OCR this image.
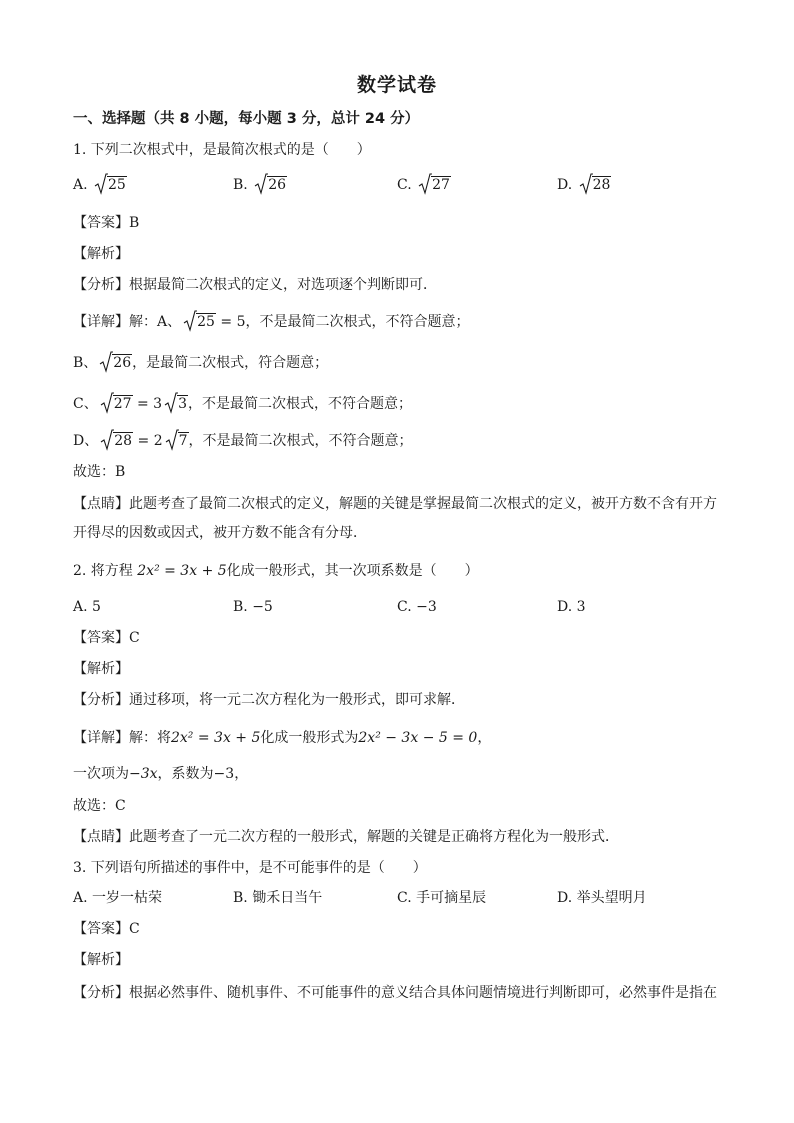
数学试卷
一、选择题（共 8 小题，每小题 3 分，总计 24 分）
1. 下列二次根式中，是最简次根式的是（　　）
A. 25	B. 26	C. 27	D. 28
【答案】B
【解析】
【分析】根据最简二次根式的定义，对选项逐个判断即可．
【详解】解：A、 25 = 5，不是最简二次根式，不符合题意；
B、 26，是最简二次根式，符合题意；
C、 27 = 3 3，不是最简二次根式，不符合题意；
D、 28 = 2 7，不是最简二次根式，不符合题意；
故选：B
【点睛】此题考查了最简二次根式的定义，解题的关键是掌握最简二次根式的定义，被开方数不含有开方
开得尽的因数或因式，被开方数不能含有分母．
2. 将方程 2x² = 3x + 5化成一般形式，其一次项系数是（　　）
A. 5	B. −5	C. −3	D. 3
【答案】C
【解析】
【分析】通过移项，将一元二次方程化为一般形式，即可求解．
【详解】解：将2x² = 3x + 5化成一般形式为2x² − 3x − 5 = 0，
一次项为−3x，系数为−3，
故选：C
【点睛】此题考查了一元二次方程的一般形式，解题的关键是正确将方程化为一般形式．
3. 下列语句所描述的事件中，是不可能事件的是（　　）
A. 一岁一枯荣	B. 锄禾日当午	C. 手可摘星辰	D. 举头望明月
【答案】C
【解析】
【分析】根据必然事件、随机事件、不可能事件的意义结合具体问题情境进行判断即可，必然事件是指在
